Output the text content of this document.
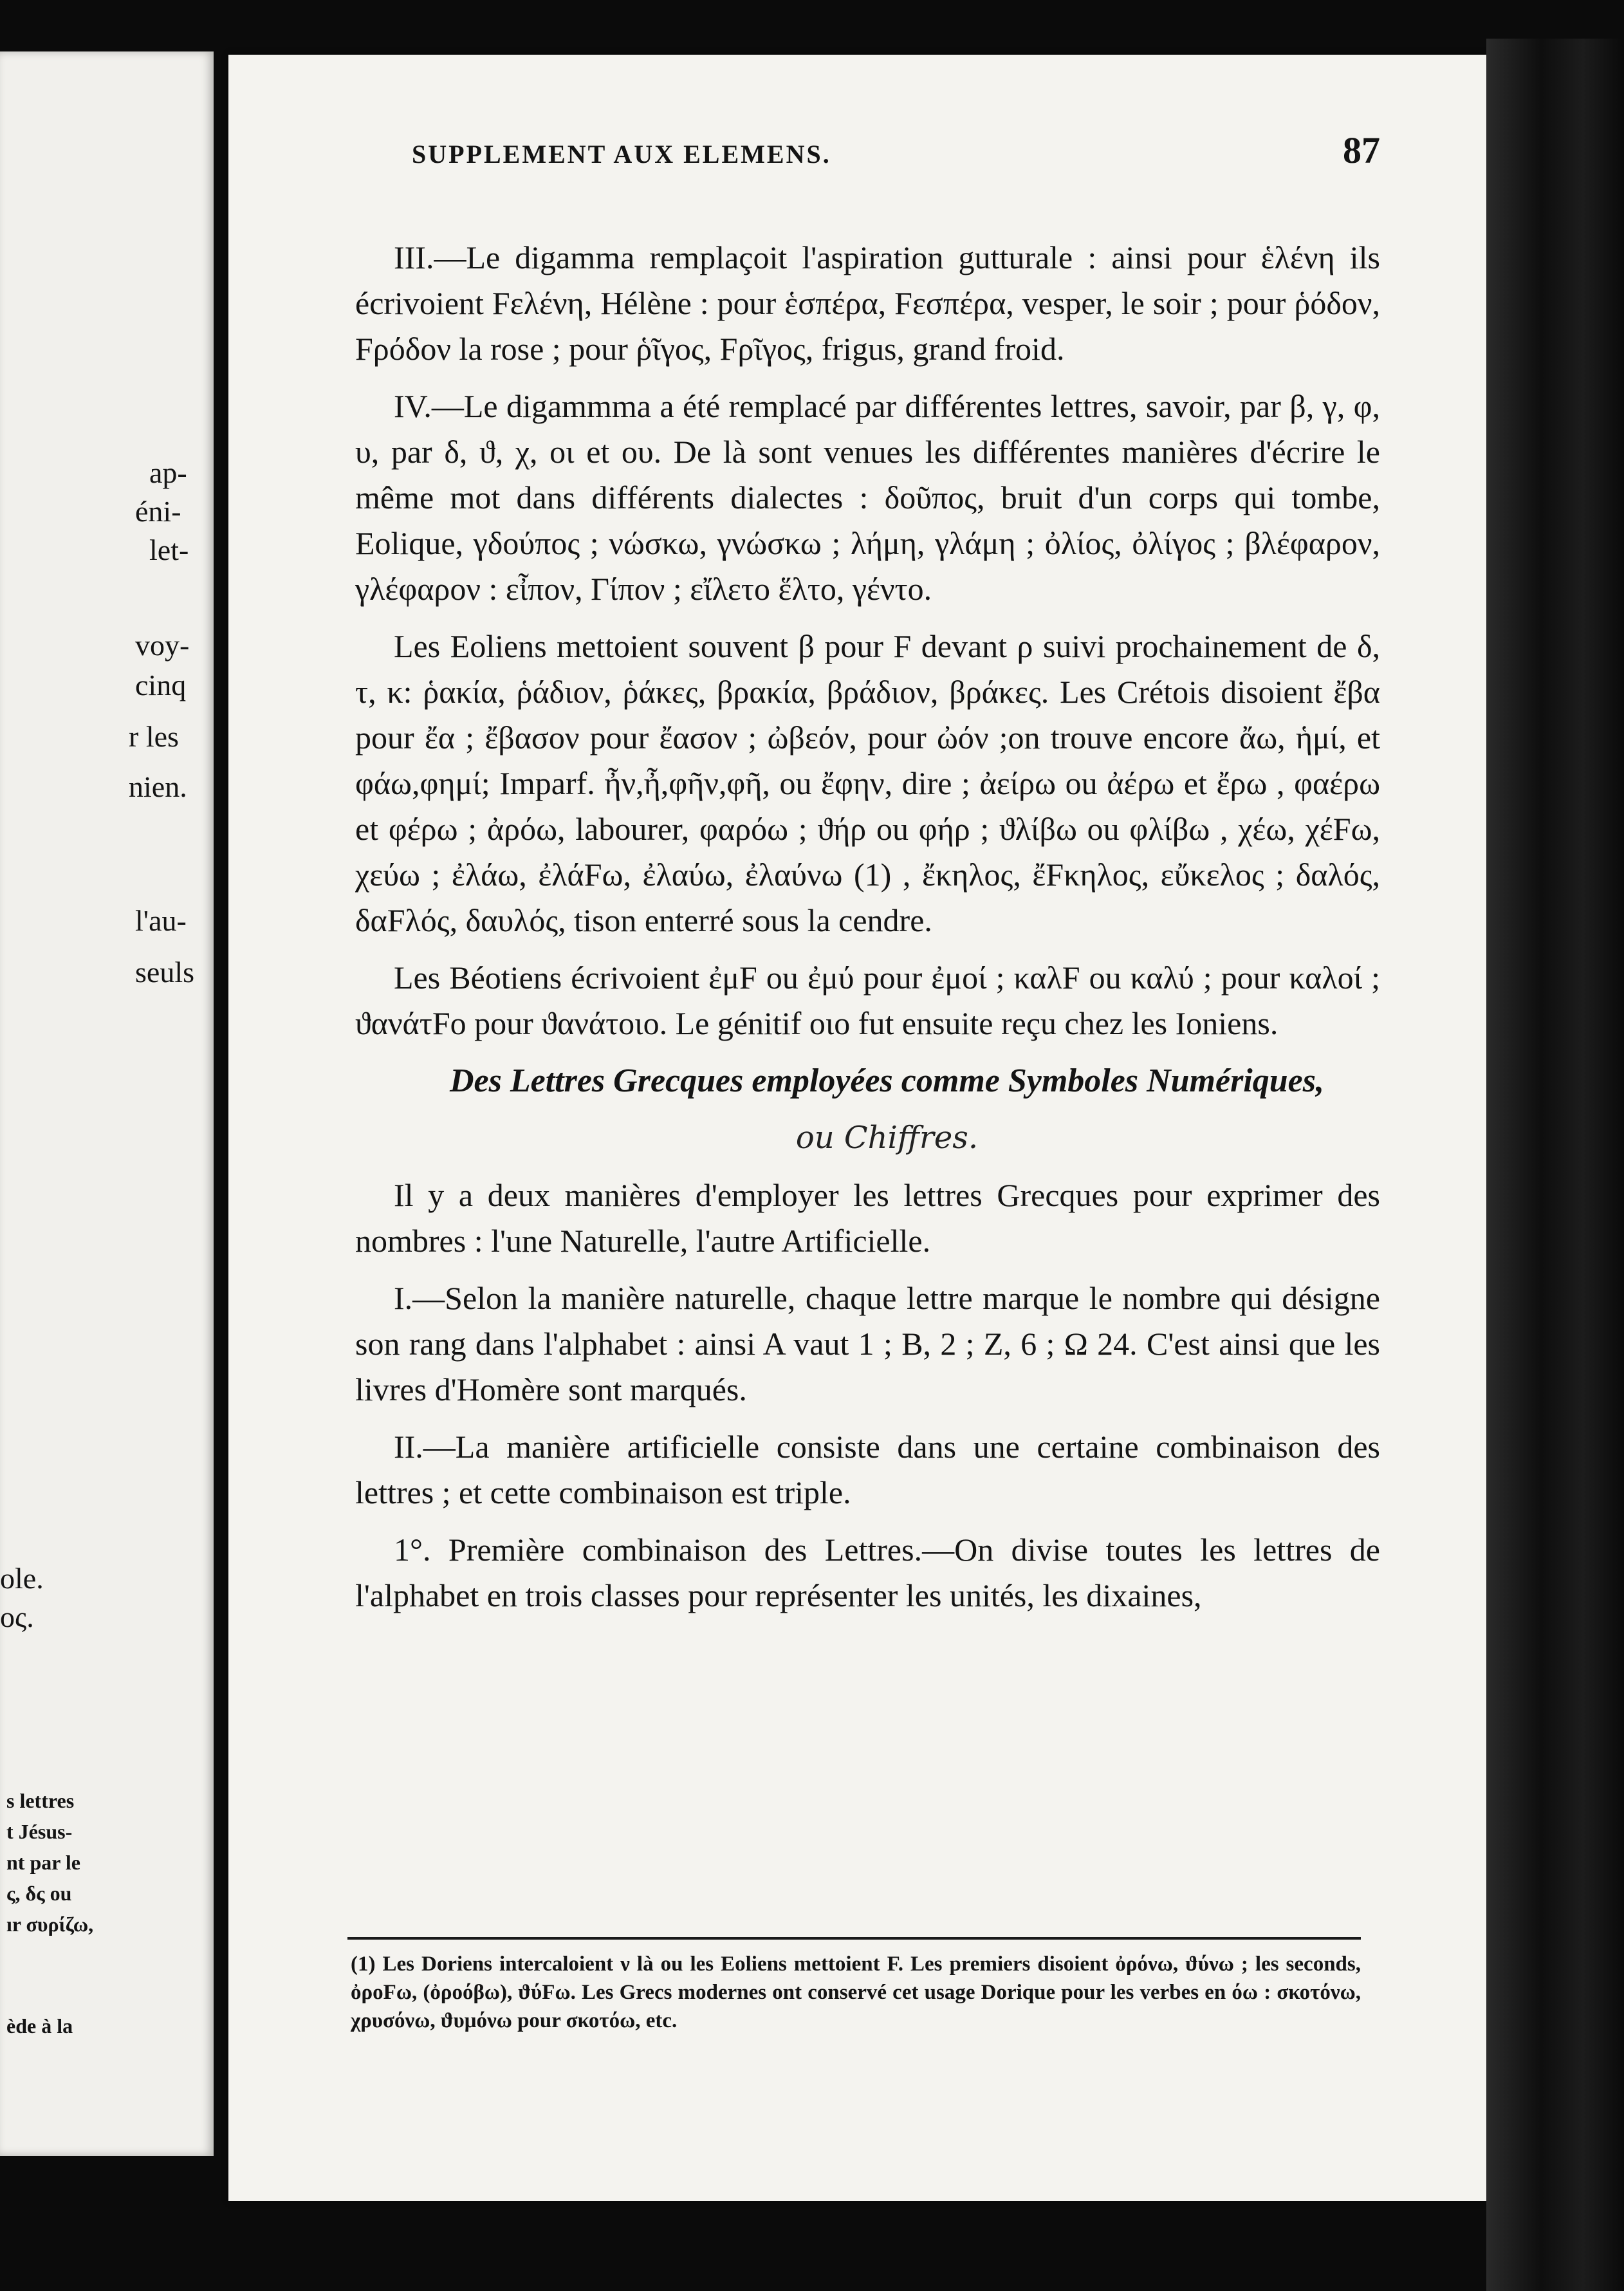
ap-
éni-
let-
voy-
cinq
r les
nien.
l'au-
seuls
ole.
ος.
s lettres
t Jésus-
nt par le
ς, δς ou
ır συρίζω,
ède à la
SUPPLEMENT AUX ELEMENS.	87

III.—Le digamma remplaçoit l'aspiration gutturale : ainsi pour ἑλένη ils écrivoient Fελένη, Hélène : pour ἑσπέρα, Fεσπέρα, vesper, le soir ; pour ῥόδον, Fρόδον la rose ; pour ῥῖγος, Fρῖγος, frigus, grand froid.

IV.—Le digammma a été remplacé par différentes lettres, savoir, par β, γ, φ, υ, par δ, ϑ, χ, οι et ου. De là sont venues les différentes manières d'écrire le même mot dans différents dialectes : δοῦπος, bruit d'un corps qui tombe, Eolique, γδούπος ; νώσκω, γνώσκω ; λήμη, γλάμη ; ὀλίος, ὀλίγος ; βλέφαρον, γλέφαρον : εἶπον, Γίπον ; εἴλετο ἕλτο, γέντο.

Les Eoliens mettoient souvent β pour F devant ρ suivi prochainement de δ, τ, κ: ῥακία, ῥάδιον, ῥάκες, βρακία, βράδιον, βράκες. Les Crétois disoient ἔβα pour ἔα ; ἔβασον pour ἔασον ; ὠβεόν, pour ὠόν ;on trouve encore ἄω, ἡμί, et φάω,φημί; Imparf. ἦν,ἦ,φῆν,φῆ, ou ἔφην, dire ; ἀείρω ou ἀέρω et ἔρω , φαέρω et φέρω ; ἀρόω, labourer, φαρόω ; ϑήρ ou φήρ ; ϑλίβω ou φλίβω , χέω, χέFω, χεύω ; ἐλάω, ἐλάFω, ἐλαύω, ἐλαύνω (1) , ἔκηλος, ἔFκηλος, εὔκελος ; δαλός, δαFλός, δαυλός, tison enterré sous la cendre.

Les Béotiens écrivoient ἐμF ou ἐμύ pour ἐμοί ; καλF ou καλύ ; pour καλοί ; ϑανάτFο pour ϑανάτοιο. Le génitif οιο fut ensuite reçu chez les Ioniens.

Des Lettres Grecques employées comme Symboles Numériques,

ou Chiffres.

Il y a deux manières d'employer les lettres Grecques pour exprimer des nombres : l'une Naturelle, l'autre Artificielle.

I.—Selon la manière naturelle, chaque lettre marque le nombre qui désigne son rang dans l'alphabet : ainsi A vaut 1 ; B, 2 ; Z, 6 ; Ω 24. C'est ainsi que les livres d'Homère sont marqués.

II.—La manière artificielle consiste dans une certaine combinaison des lettres ; et cette combinaison est triple.

1°. Première combinaison des Lettres.—On divise toutes les lettres de l'alphabet en trois classes pour représenter les unités, les dixaines,

(1) Les Doriens intercaloient ν là ou les Eoliens mettoient F. Les premiers disoient ὀρόνω, ϑύνω ; les seconds, ὀροFω, (ὀροόβω), ϑύFω. Les Grecs modernes ont conservé cet usage Dorique pour les verbes en όω : σκοτόνω, χρυσόνω, ϑυμόνω pour σκοτόω, etc.
